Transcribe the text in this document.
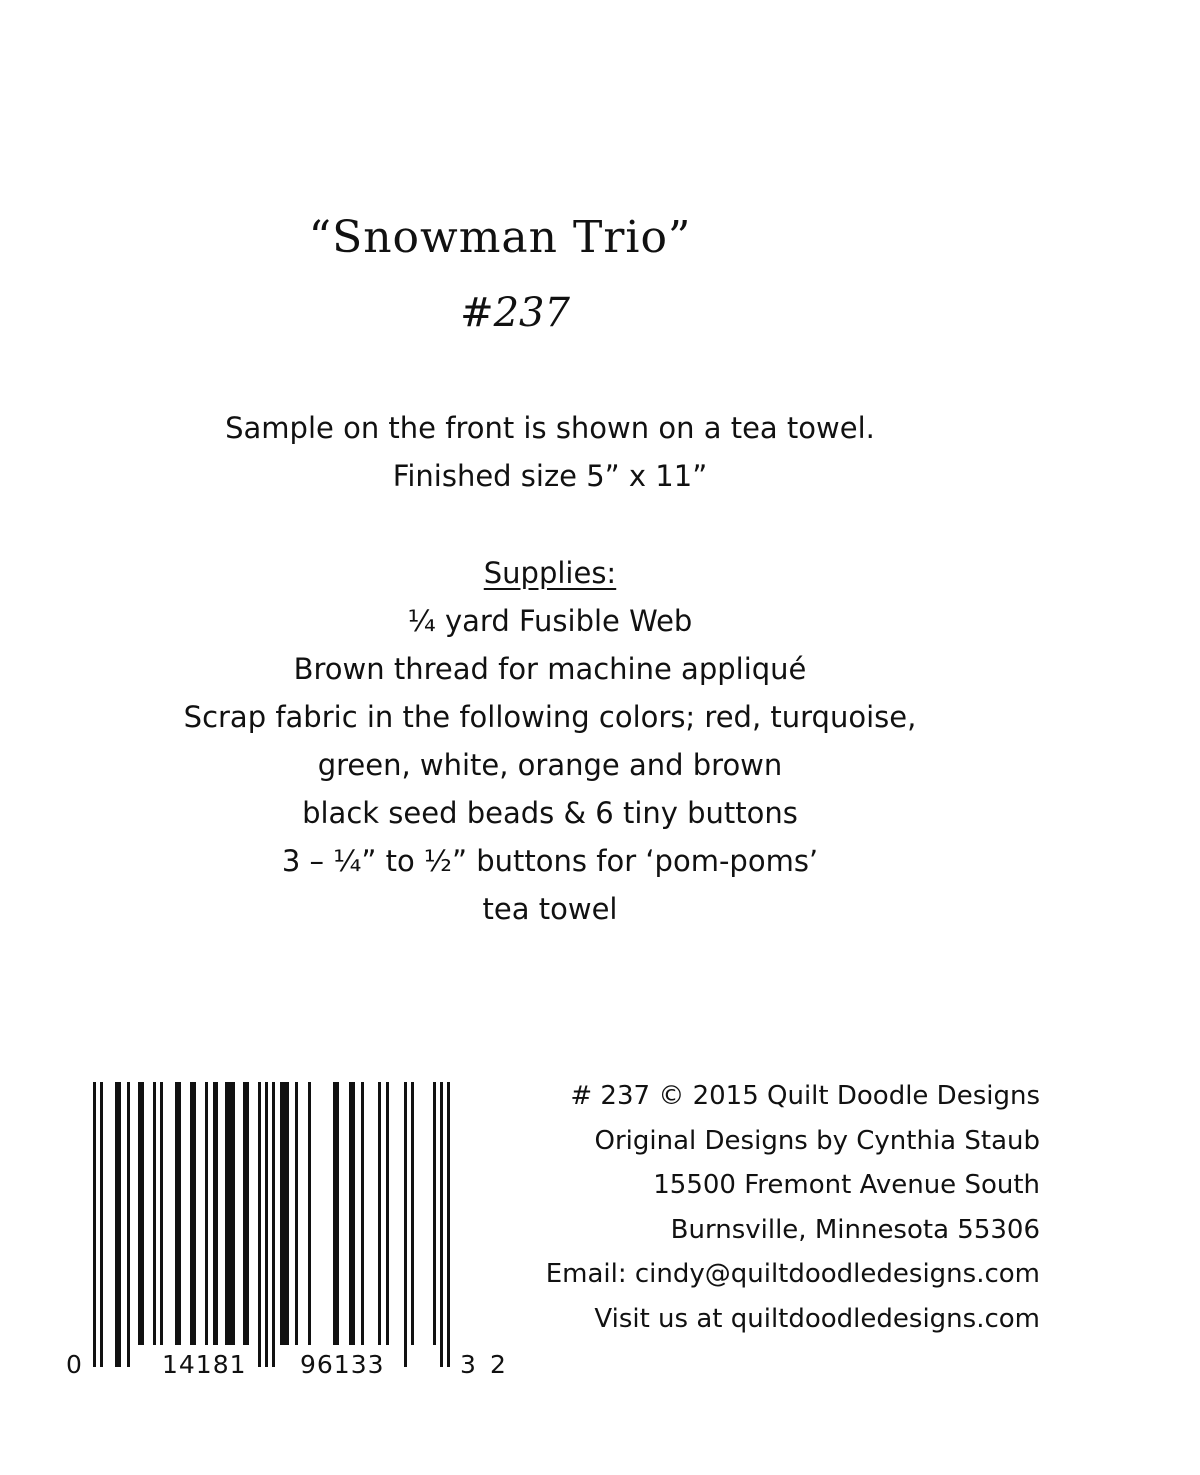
“Snowman Trio”
#237
Sample on the front is shown on a tea towel.
Finished size 5” x 11”
Supplies:
¼ yard Fusible Web
Brown thread for machine appliqué
Scrap fabric in the following colors; red, turquoise,
green, white, orange and brown
black seed beads & 6 tiny buttons
3 – ¼” to ½” buttons for ‘pom-poms’
tea towel
# 237 © 2015 Quilt Doodle Designs
Original Designs by Cynthia Staub
15500 Fremont Avenue South
Burnsville, Minnesota 55306
Email: cindy@quiltdoodledesigns.com
Visit us at quiltdoodledesigns.com
0	14181 96133	3 2
